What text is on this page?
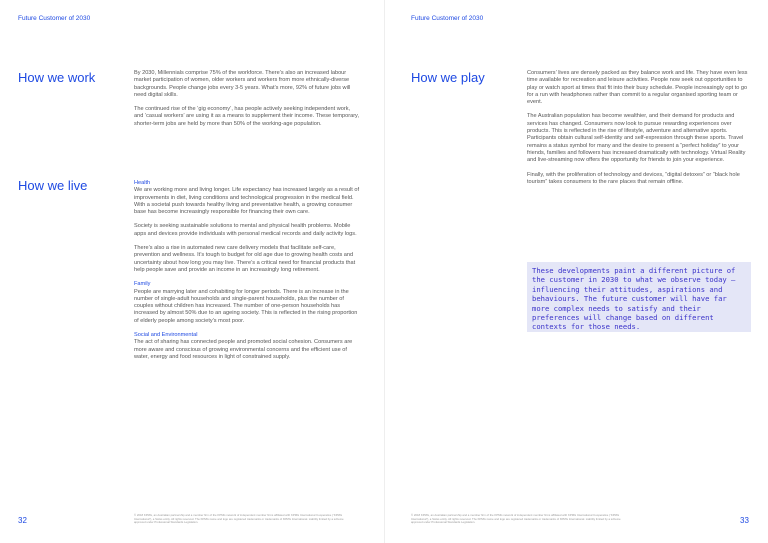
Future Customer of 2030
How we work	By 2030, Millennials comprise 75% of the workforce. There’s also an increased labour market participation of women, older workers and workers from more ethnically-diverse backgrounds. People change jobs every 3-5 years. What’s more, 92% of future jobs will need digital skills.

The continued rise of the ‘gig economy’, has people actively seeking independent work, and ‘casual workers’ are using it as a means to supplement their income. These temporary, shorter-term jobs are held by more than 50% of the working-age population.

How we live	Health

We are working more and living longer. Life expectancy has increased largely as a result of improvements in diet, living conditions and technological progression in the medical field. With a societal push towards healthy living and preventative health, a growing consumer base has become increasingly responsible for financing their own care.

Society is seeking sustainable solutions to mental and physical health problems. Mobile apps and devices provide individuals with personal medical records and daily activity logs.

There’s also a rise in automated new care delivery models that facilitate self-care, prevention and wellness. It’s tough to budget for old age due to growing health costs and uncertainty about how long you may live. There’s a critical need for financial products that help people save and provide an income in an increasingly long retirement.

Family

People are marrying later and cohabiting for longer periods. There is an increase in the number of single-adult households and single-parent households, plus the number of couples without children has increased. The number of one-person households has increased by almost 50% due to an ageing society. This is reflected in the rising proportion of elderly people among society’s most poor.

Social and Environmental

The act of sharing has connected people and promoted social cohesion. Consumers are more aware and conscious of growing environmental concerns and the efficient use of water, energy and food resources in light of constrained supply.

32
© 2018 KPMG, an Australian partnership and a member firm of the KPMG network of independent member firms affiliated with KPMG International Cooperative (“KPMG International”), a Swiss entity. All rights reserved. The KPMG name and logo are registered trademarks or trademarks of KPMG International. Liability limited by a scheme approved under Professional Standards Legislation.
Future Customer of 2030
How we play	Consumers’ lives are densely packed as they balance work and life. They have even less time available for recreation and leisure activities. People now seek out opportunities to play or watch sport at times that fit into their busy schedule. People increasingly opt to go for a run with headphones rather than commit to a regular organised sporting team or event.

The Australian population has become wealthier, and their demand for products and services has changed. Consumers now look to pursue rewarding experiences over products. This is reflected in the rise of lifestyle, adventure and alternative sports. Participants obtain cultural self-identity and self-expression through these sports. Travel remains a status symbol for many and the desire to present a “perfect holiday” to your friends, families and followers has increased dramatically with technology. Virtual Reality and live-streaming now offers the opportunity for friends to join your experience.

Finally, with the proliferation of technology and devices, “digital detoxes” or “black hole tourism” takes consumers to the rare places that remain offline.

These developments paint a different picture of the customer in 2030 to what we observe today – influencing their attitudes, aspirations and behaviours. The future customer will have far more complex needs to satisfy and their preferences will change based on different contexts for those needs.
33
© 2018 KPMG, an Australian partnership and a member firm of the KPMG network of independent member firms affiliated with KPMG International Cooperative (“KPMG International”), a Swiss entity. All rights reserved. The KPMG name and logo are registered trademarks or trademarks of KPMG International. Liability limited by a scheme approved under Professional Standards Legislation.
